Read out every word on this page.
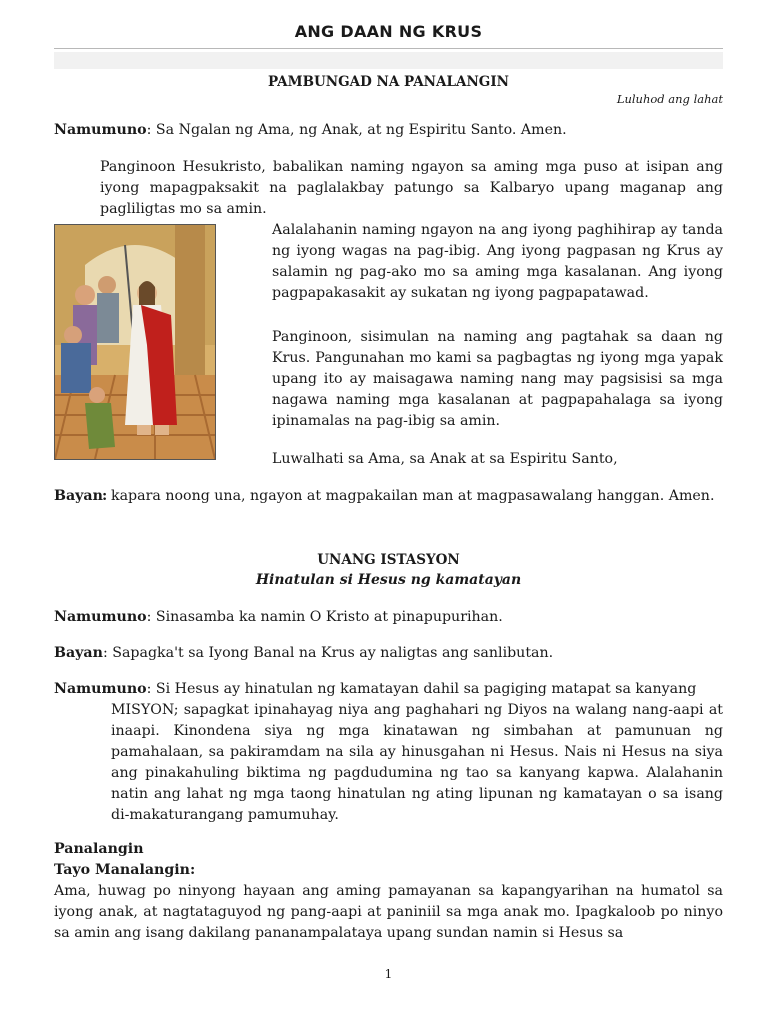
ANG DAAN NG KRUS
PAMBUNGAD NA PANALANGIN
Luluhod ang lahat
Namumuno: Sa Ngalan ng Ama, ng Anak, at ng Espiritu Santo. Amen.
Panginoon Hesukristo, babalikan naming ngayon sa aming mga puso at isipan ang iyong mapagpaksakit na paglalakbay patungo sa Kalbaryo upang maganap ang pagliligtas mo sa amin.
Aalalahanin naming ngayon na ang iyong paghihirap ay tanda ng iyong wagas na pag-ibig. Ang iyong pagpasan ng Krus ay salamin ng pag-ako mo sa aming mga kasalanan. Ang iyong pagpapakasakit ay sukatan ng iyong pagpapatawad.
Panginoon, sisimulan na naming ang pagtahak sa daan ng Krus. Pangunahan mo kami sa pagbagtas ng iyong mga yapak upang ito ay maisagawa naming nang may pagsisisi sa mga nagawa naming mga kasalanan at pagpapahalaga sa iyong ipinamalas na pag-ibig sa amin.
Luwalhati sa Ama, sa Anak at sa Espiritu Santo,
Bayan : kapara noong una, ngayon at magpakailan man at magpasawalang hanggan. Amen.
UNANG ISTASYON
Hinatulan si Hesus ng kamatayan
Namumuno: Sinasamba ka namin O Kristo at pinapupurihan.
Bayan: Sapagka't sa Iyong Banal na Krus ay naligtas ang sanlibutan.
Namumuno: Si Hesus ay hinatulan ng kamatayan dahil sa pagiging matapat sa kanyang
MISYON; sapagkat ipinahayag niya ang paghahari ng Diyos na walang nang-aapi at inaapi. Kinondena siya ng mga kinatawan ng simbahan at pamunuan ng pamahalaan, sa pakiramdam na sila ay hinusgahan ni Hesus. Nais ni Hesus na siya ang pinakahuling biktima ng pagdudumina ng tao sa kanyang kapwa. Alalahanin natin ang lahat ng mga taong hinatulan ng ating lipunan ng kamatayan o sa isang di-makaturangang pamumuhay.
Panalangin
Tayo Manalangin:
Ama, huwag po ninyong hayaan ang aming pamayanan sa kapangyarihan na humatol sa iyong anak, at nagtataguyod ng pang-aapi at paniniil sa mga anak mo. Ipagkaloob po ninyo sa amin ang isang dakilang pananampalataya upang sundan namin si Hesus sa
1
